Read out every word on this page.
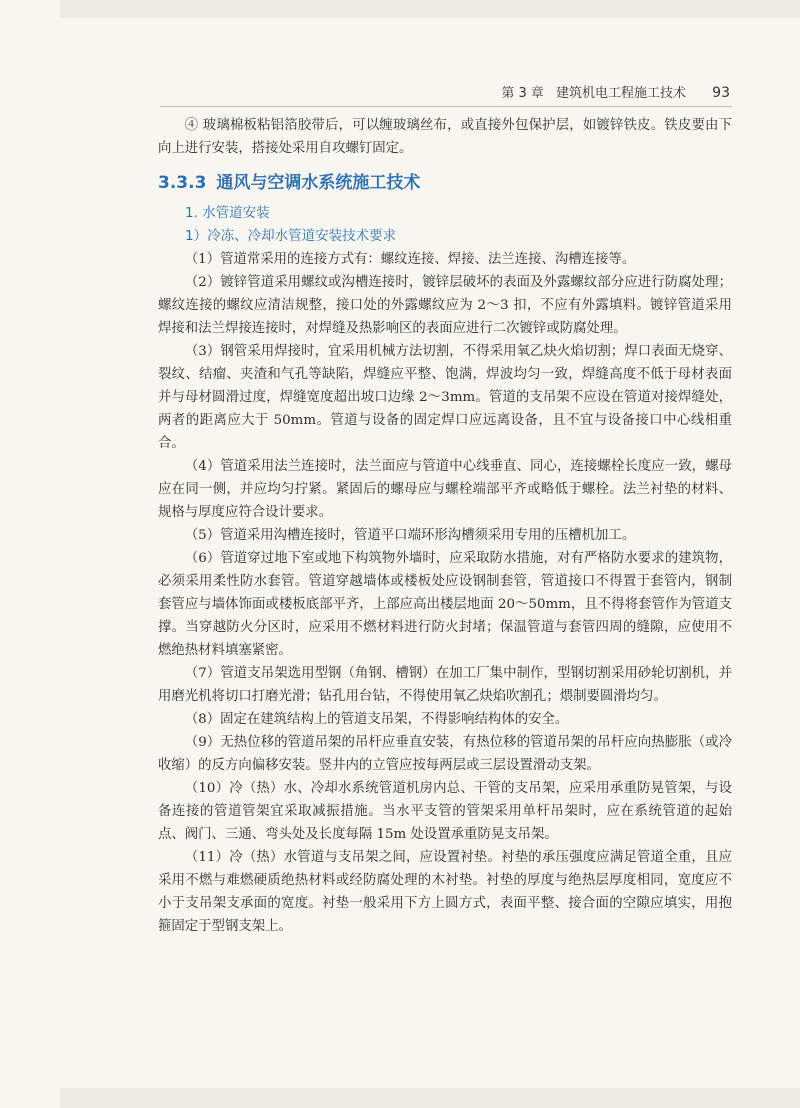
第 3 章 建筑机电工程施工技术 93

④ 玻璃棉板粘铝箔胶带后，可以缠玻璃丝布，或直接外包保护层，如镀锌铁皮。铁皮要由下向上进行安装，搭接处采用自攻螺钉固定。

3.3.3 通风与空调水系统施工技术
1. 水管道安装
1）冷冻、冷却水管道安装技术要求

（1）管道常采用的连接方式有：螺纹连接、焊接、法兰连接、沟槽连接等。

（2）镀锌管道采用螺纹或沟槽连接时，镀锌层破坏的表面及外露螺纹部分应进行防腐处理；螺纹连接的螺纹应清洁规整，接口处的外露螺纹应为 2～3 扣，不应有外露填料。镀锌管道采用焊接和法兰焊接连接时，对焊缝及热影响区的表面应进行二次镀锌或防腐处理。

（3）钢管采用焊接时，宜采用机械方法切割，不得采用氧乙炔火焰切割；焊口表面无烧穿、裂纹、结瘤、夹渣和气孔等缺陷，焊缝应平整、饱满，焊波均匀一致，焊缝高度不低于母材表面并与母材圆滑过度，焊缝宽度超出坡口边缘 2～3mm。管道的支吊架不应设在管道对接焊缝处，两者的距离应大于 50mm。管道与设备的固定焊口应远离设备，且不宜与设备接口中心线相重合。

（4）管道采用法兰连接时，法兰面应与管道中心线垂直、同心，连接螺栓长度应一致，螺母应在同一侧，并应均匀拧紧。紧固后的螺母应与螺栓端部平齐或略低于螺栓。法兰衬垫的材料、规格与厚度应符合设计要求。

（5）管道采用沟槽连接时，管道平口端环形沟槽须采用专用的压槽机加工。

（6）管道穿过地下室或地下构筑物外墙时，应采取防水措施，对有严格防水要求的建筑物，必须采用柔性防水套管。管道穿越墙体或楼板处应设钢制套管，管道接口不得置于套管内，钢制套管应与墙体饰面或楼板底部平齐，上部应高出楼层地面 20～50mm，且不得将套管作为管道支撑。当穿越防火分区时，应采用不燃材料进行防火封堵；保温管道与套管四周的缝隙，应使用不燃绝热材料填塞紧密。

（7）管道支吊架选用型钢（角钢、槽钢）在加工厂集中制作，型钢切割采用砂轮切割机，并用磨光机将切口打磨光滑；钻孔用台钻，不得使用氧乙炔焰吹割孔；煨制要圆滑均匀。

（8）固定在建筑结构上的管道支吊架，不得影响结构体的安全。

（9）无热位移的管道吊架的吊杆应垂直安装，有热位移的管道吊架的吊杆应向热膨胀（或冷收缩）的反方向偏移安装。竖井内的立管应按每两层或三层设置滑动支架。

（10）冷（热）水、冷却水系统管道机房内总、干管的支吊架，应采用承重防晃管架，与设备连接的管道管架宜采取减振措施。当水平支管的管架采用单杆吊架时，应在系统管道的起始点、阀门、三通、弯头处及长度每隔 15m 处设置承重防晃支吊架。

（11）冷（热）水管道与支吊架之间，应设置衬垫。衬垫的承压强度应满足管道全重，且应采用不燃与难燃硬质绝热材料或经防腐处理的木衬垫。衬垫的厚度与绝热层厚度相同，宽度应不小于支吊架支承面的宽度。衬垫一般采用下方上圆方式，表面平整、接合面的空隙应填实，用抱箍固定于型钢支架上。
